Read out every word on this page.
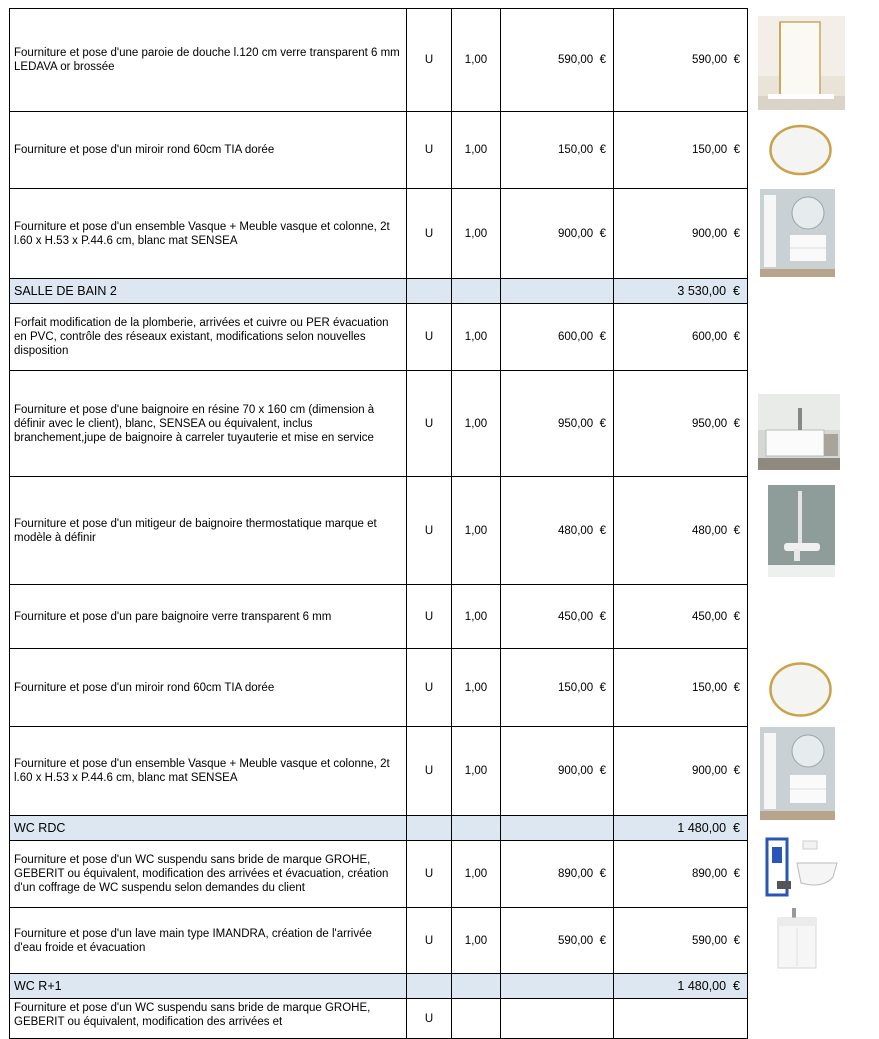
Fourniture et pose d'une paroie de douche l.120 cm verre transparent 6 mm LEDAVA or brossée	U	1,00	590,00 €	590,00 €
Fourniture et pose d'un miroir rond 60cm TIA dorée	U	1,00	150,00 €	150,00 €
Fourniture et pose d'un ensemble Vasque + Meuble vasque et colonne, 2t l.60 x H.53 x P.44.6 cm, blanc mat SENSEA	U	1,00	900,00 €	900,00 €
SALLE DE BAIN 2				3 530,00 €
Forfait modification de la plomberie, arrivées et cuivre ou PER évacuation en PVC, contrôle des réseaux existant, modifications selon nouvelles disposition	U	1,00	600,00 €	600,00 €
Fourniture et pose d'une baignoire en résine 70 x 160 cm (dimension à définir avec le client), blanc, SENSEA ou équivalent, inclus branchement,jupe de baignoire à carreler tuyauterie et mise en service	U	1,00	950,00 €	950,00 €
Fourniture et pose d'un mitigeur de baignoire thermostatique marque et modèle à définir	U	1,00	480,00 €	480,00 €
Fourniture et pose d'un pare baignoire verre transparent 6 mm	U	1,00	450,00 €	450,00 €
Fourniture et pose d'un miroir rond 60cm TIA dorée	U	1,00	150,00 €	150,00 €
Fourniture et pose d'un ensemble Vasque + Meuble vasque et colonne, 2t l.60 x H.53 x P.44.6 cm, blanc mat SENSEA	U	1,00	900,00 €	900,00 €
WC RDC				1 480,00 €
Fourniture et pose d'un WC suspendu sans bride de marque GROHE, GEBERIT ou équivalent, modification des arrivées et évacuation, création d'un coffrage de WC suspendu selon demandes du client	U	1,00	890,00 €	890,00 €
Fourniture et pose d'un lave main type IMANDRA, création de l'arrivée d'eau froide et évacuation	U	1,00	590,00 €	590,00 €
WC R+1				1 480,00 €
Fourniture et pose d'un WC suspendu sans bride de marque GROHE, GEBERIT ou équivalent, modification des arrivées et	U			
